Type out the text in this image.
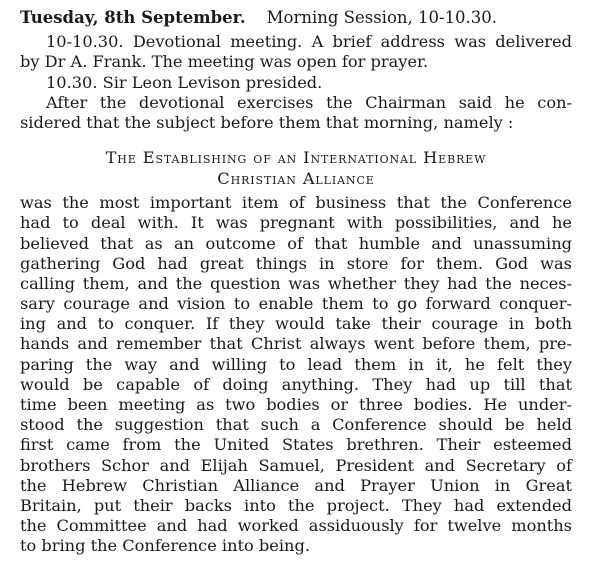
Tuesday, 8th September. Morning Session, 10-10.30.
10-10.30. Devotional meeting. A brief address was delivered
by Dr A. Frank. The meeting was open for prayer.
10.30. Sir Leon Levison presided.
After the devotional exercises the Chairman said he con-
sidered that the subject before them that morning, namely :
The Establishing of an International Hebrew
Christian Alliance
was the most important item of business that the Conference
had to deal with. It was pregnant with possibilities, and he
believed that as an outcome of that humble and unassuming
gathering God had great things in store for them. God was
calling them, and the question was whether they had the neces-
sary courage and vision to enable them to go forward conquer-
ing and to conquer. If they would take their courage in both
hands and remember that Christ always went before them, pre-
paring the way and willing to lead them in it, he felt they
would be capable of doing anything. They had up till that
time been meeting as two bodies or three bodies. He under-
stood the suggestion that such a Conference should be held
first came from the United States brethren. Their esteemed
brothers Schor and Elijah Samuel, President and Secretary of
the Hebrew Christian Alliance and Prayer Union in Great
Britain, put their backs into the project. They had extended
the Committee and had worked assiduously for twelve months
to bring the Conference into being.
